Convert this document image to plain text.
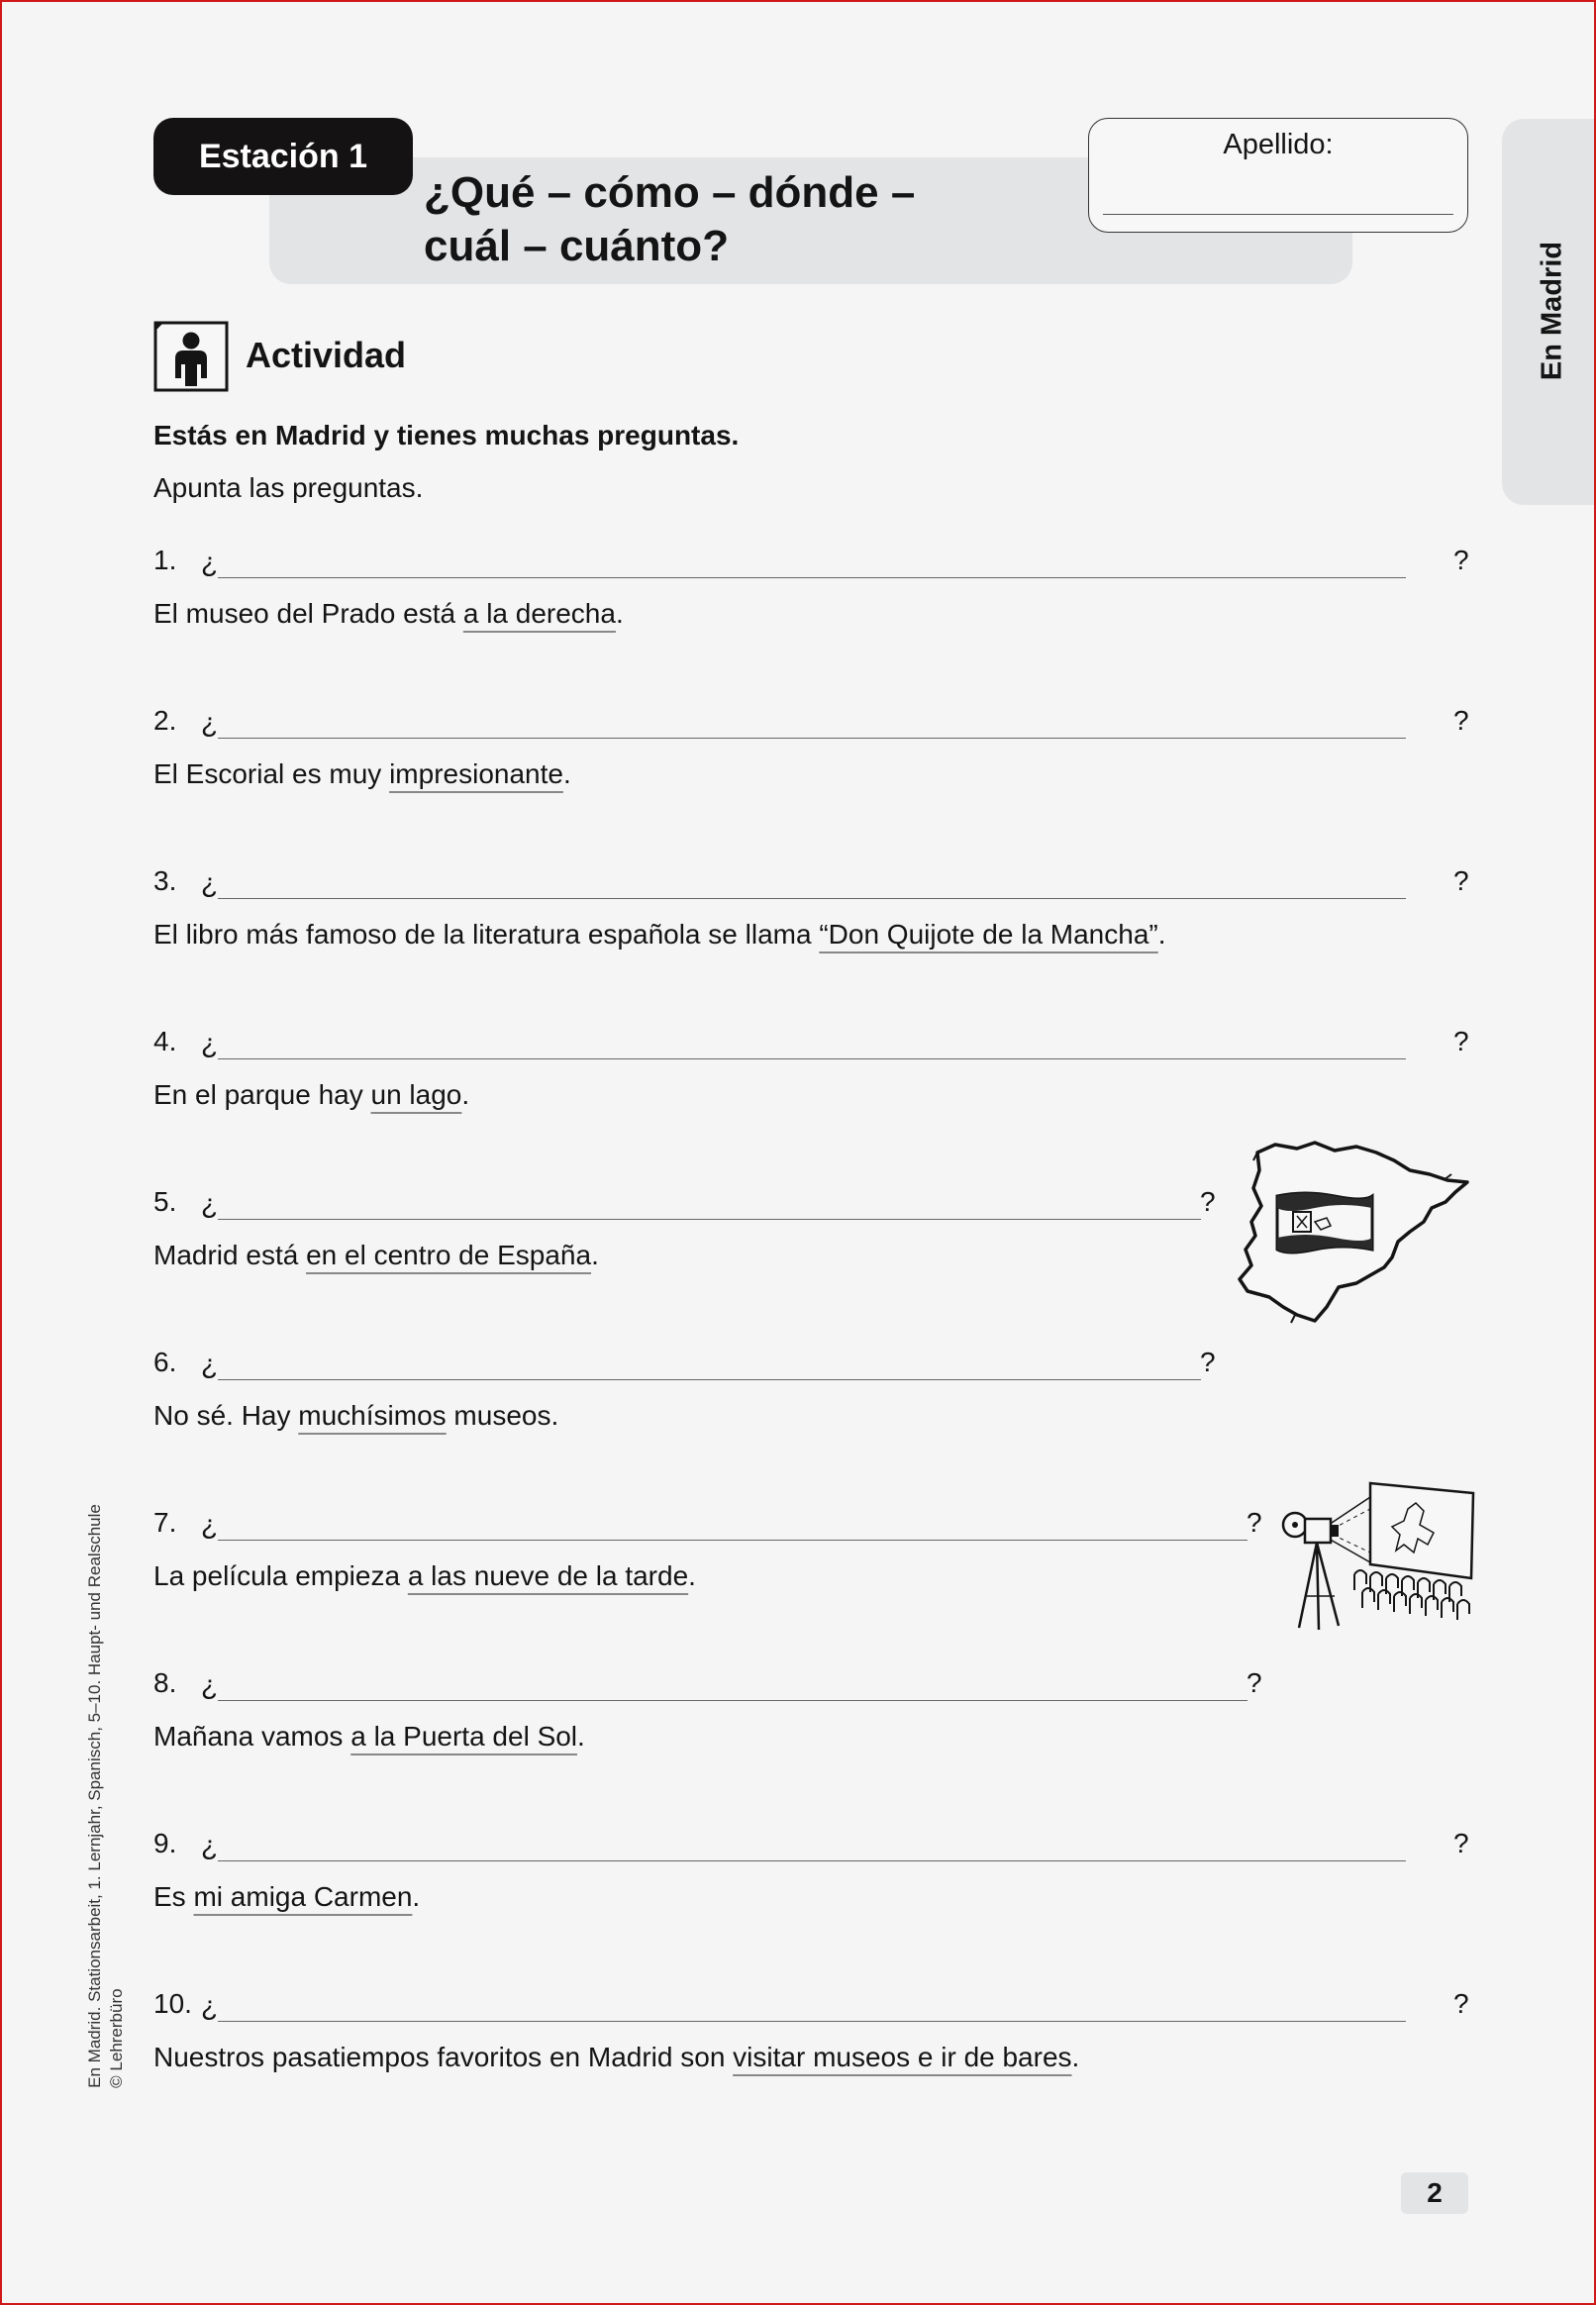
Estación 1
¿Qué – cómo – dónde –
cuál – cuánto?
Apellido:
En Madrid
Actividad
Estás en Madrid y tienes muchas preguntas.
Apunta las preguntas.
1. ¿	?
El museo del Prado está a la derecha.
2. ¿	?
El Escorial es muy impresionante.
3. ¿	?
El libro más famoso de la literatura española se llama “Don Quijote de la Mancha”.
4. ¿	?
En el parque hay un lago.
5. ¿	?
Madrid está en el centro de España.
6. ¿	?
No sé. Hay muchísimos museos.
7. ¿	?
La película empieza a las nueve de la tarde.
8. ¿	?
Mañana vamos a la Puerta del Sol.
9. ¿	?
Es mi amiga Carmen.
10. ¿	?
Nuestros pasatiempos favoritos en Madrid son visitar museos e ir de bares.
En Madrid. Stationsarbeit, 1. Lernjahr, Spanisch, 5–10. Haupt- und Realschule © Lehrerbüro
2
